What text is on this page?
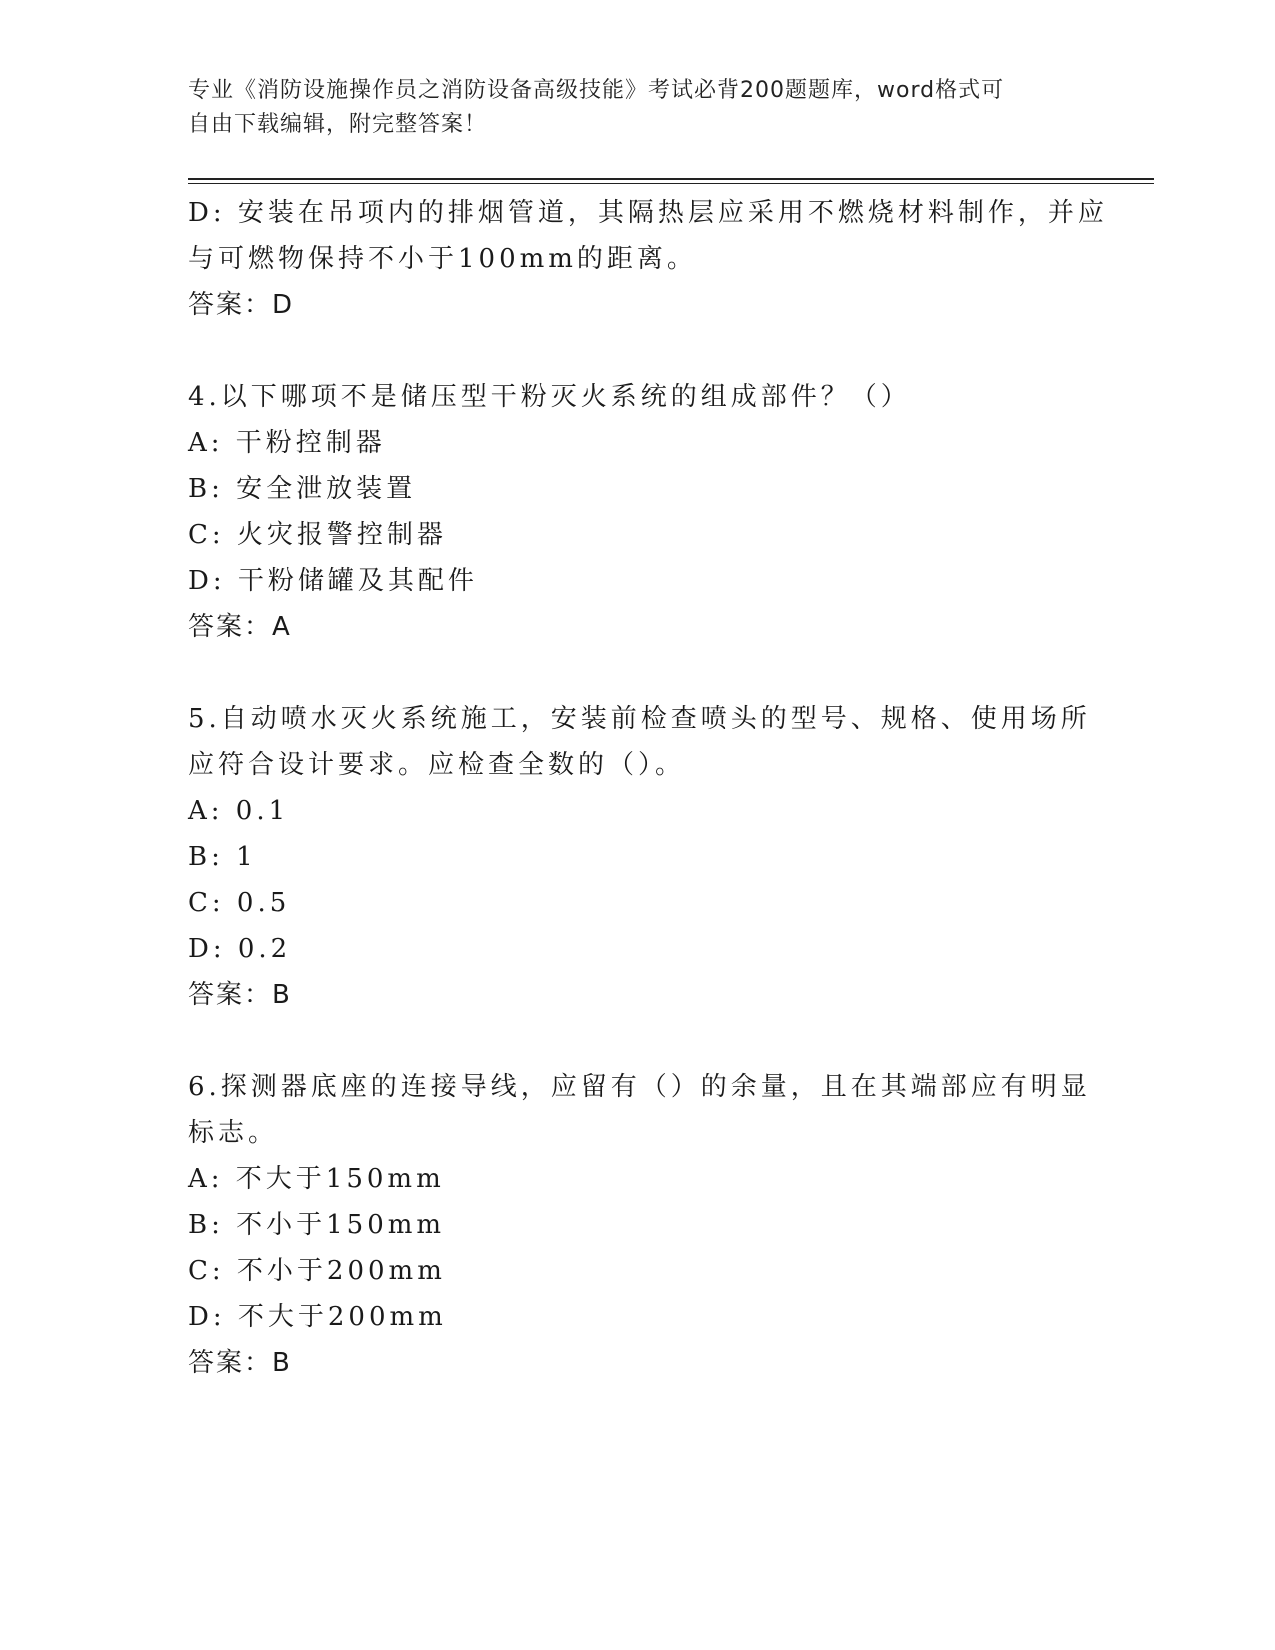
专业《消防设施操作员之消防设备高级技能》考试必背200题题库，word格式可
自由下载编辑，附完整答案！
D: 安装在吊项内的排烟管道，其隔热层应采用不燃烧材料制作，并应
与可燃物保持不小于100mm的距离。
答案：D
4.以下哪项不是储压型干粉灭火系统的组成部件？（）
A: 干粉控制器
B: 安全泄放装置
C: 火灾报警控制器
D: 干粉储罐及其配件
答案：A
5.自动喷水灭火系统施工，安装前检查喷头的型号、规格、使用场所
应符合设计要求。应检查全数的（）。
A: 0.1
B: 1
C: 0.5
D: 0.2
答案：B
6.探测器底座的连接导线，应留有（）的余量，且在其端部应有明显
标志。
A: 不大于150mm
B: 不小于150mm
C: 不小于200mm
D: 不大于200mm
答案：B
